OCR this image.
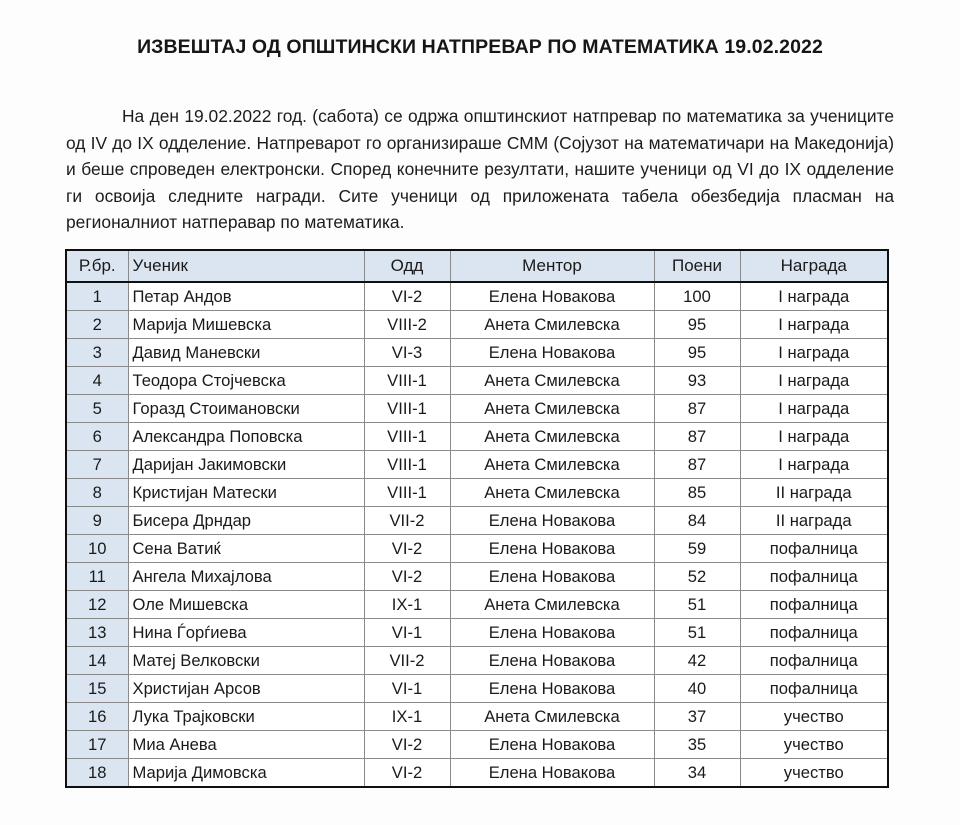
ИЗВЕШТАЈ ОД ОПШТИНСКИ НАТПРЕВАР ПО МАТЕМАТИКА 19.02.2022

На ден 19.02.2022 год. (сабота) се одржа општинскиот натпревар по математика за учениците од IV до IX одделение. Натпреварот го организираше СММ (Сојузот на математичари на Македонија) и беше спроведен електронски. Според конечните резултати, нашите ученици од VI до IX одделение ги освоија следните награди. Сите ученици од приложената табела обезбедија пласман на регионалниот натперавар по математика.

Р.бр.	Ученик	Одд	Ментор	Поени	Награда
1	Петар Андов	VI-2	Елена Новакова	100	I награда
2	Марија Мишевска	VIII-2	Анета Смилевска	95	I награда
3	Давид Маневски	VI-3	Елена Новакова	95	I награда
4	Теодора Стојчевска	VIII-1	Анета Смилевска	93	I награда
5	Горазд Стоимановски	VIII-1	Анета Смилевска	87	I награда
6	Александра Поповска	VIII-1	Анета Смилевска	87	I награда
7	Даријан Јакимовски	VIII-1	Анета Смилевска	87	I награда
8	Кристијан Матески	VIII-1	Анета Смилевска	85	II награда
9	Бисера Дрндар	VII-2	Елена Новакова	84	II награда
10	Сена Ватиќ	VI-2	Елена Новакова	59	пофалница
11	Ангела Михајлова	VI-2	Елена Новакова	52	пофалница
12	Оле Мишевска	IX-1	Анета Смилевска	51	пофалница
13	Нина Ѓорѓиева	VI-1	Елена Новакова	51	пофалница
14	Матеј Велковски	VII-2	Елена Новакова	42	пофалница
15	Христијан Арсов	VI-1	Елена Новакова	40	пофалница
16	Лука Трајковски	IX-1	Анета Смилевска	37	учество
17	Миа Анева	VI-2	Елена Новакова	35	учество
18	Марија Димовска	VI-2	Елена Новакова	34	учество
